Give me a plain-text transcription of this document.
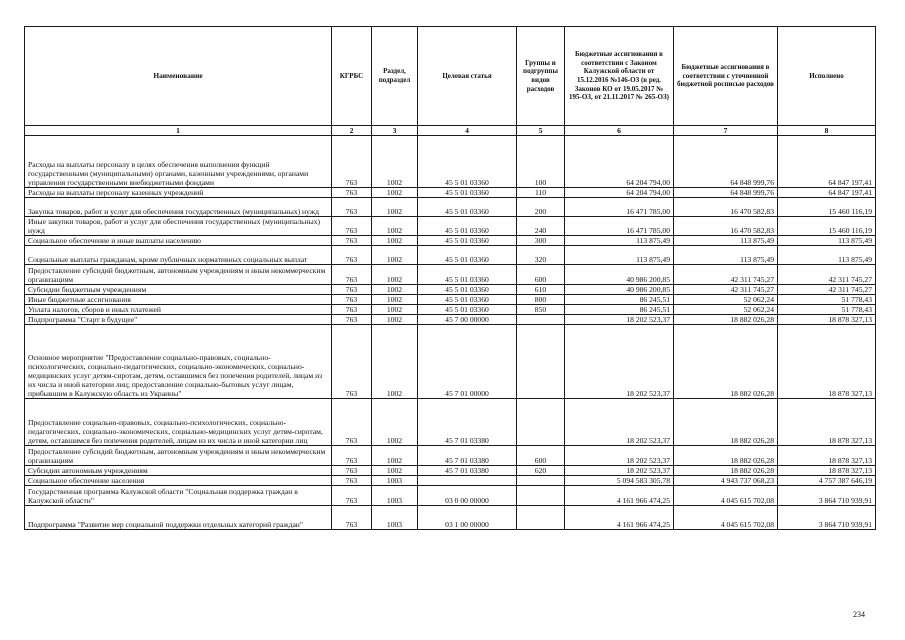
Наименование	КГРБС	Раздел, подраздел	Целевая статья	Группы и подгруппы видов расходов	Бюджетные ассигнования в соответствии с Законом Калужской области от 15.12.2016 №146-ОЗ (в ред. Законов КО от 19.05.2017 № 195-ОЗ, от 21.11.2017 № 265-ОЗ)	Бюджетные ассигнования в соответствии с уточненной бюджетной росписью расходов	Исполнено
1	2	3	4	5	6	7	8
Расходы на выплаты персоналу в целях обеспечения выполнения функций государственными (муниципальными) органами, казенными учреждениями, органами управления государственными внебюджетными фондами	763	1002	45 5 01 03360	100	64 204 794,00	64 848 999,76	64 847 197,41
Расходы на выплаты персоналу казенных учреждений	763	1002	45 5 01 03360	110	64 204 794,00	64 848 999,76	64 847 197,41
Закупка товаров, работ и услуг для обеспечения государственных (муниципальных) нужд	763	1002	45 5 01 03360	200	16 471 785,00	16 470 582,83	15 460 116,19
Иные закупки товаров, работ и услуг для обеспечения государственных (муниципальных) нужд	763	1002	45 5 01 03360	240	16 471 785,00	16 470 582,83	15 460 116,19
Социальное обеспечение и иные выплаты населению	763	1002	45 5 01 03360	300	113 875,49	113 875,49	113 875,49
Социальные выплаты гражданам, кроме публичных нормативных социальных выплат	763	1002	45 5 01 03360	320	113 875,49	113 875,49	113 875,49
Предоставление субсидий бюджетным, автономным учреждениям и иным некоммерческим организациям	763	1002	45 5 01 03360	600	40 986 200,85	42 311 745,27	42 311 745,27
Субсидии бюджетным учреждениям	763	1002	45 5 01 03360	610	40 986 200,85	42 311 745,27	42 311 745,27
Иные бюджетные ассигнования	763	1002	45 5 01 03360	800	86 245,51	52 062,24	51 778,43
Уплата налогов, сборов и иных платежей	763	1002	45 5 01 03360	850	86 245,51	52 062,24	51 778,43
Подпрограмма "Старт в будущее"	763	1002	45 7 00 00000		18 202 523,37	18 882 026,28	18 878 327,13
Основное мероприятие "Предоставление социально-правовых, социально-психологических, социально-педагогических, социально-экономических, социально-медицинских услуг детям-сиротам, детям, оставшимся без попечения родителей, лицам из их числа и иной категории лиц; предоставление социально-бытовых услуг лицам, прибывшим в Калужскую область из Украины"	763	1002	45 7 01 00000		18 202 523,37	18 882 026,28	18 878 327,13
Предоставление социально-правовых, социально-психологических, социально-педагогических, социально-экономических, социально-медицинских услуг детям-сиротам, детям, оставшимся без попечения родителей, лицам из их числа и иной категории лиц	763	1002	45 7 01 03380		18 202 523,37	18 882 026,28	18 878 327,13
Предоставление субсидий бюджетным, автономным учреждениям и иным некоммерческим организациям	763	1002	45 7 01 03380	600	18 202 523,37	18 882 026,28	18 878 327,13
Субсидии автономным учреждениям	763	1002	45 7 01 03380	620	18 202 523,37	18 882 026,28	18 878 327,13
Социальное обеспечение населения	763	1003			5 094 583 305,78	4 943 737 068,23	4 757 387 646,19
Государственная программа Калужской области "Социальная поддержка граждан в Калужской области"	763	1003	03 0 00 00000		4 161 966 474,25	4 045 615 702,08	3 864 710 939,91
Подпрограмма "Развитие мер социальной поддержки отдельных категорий граждан"	763	1003	03 1 00 00000		4 161 966 474,25	4 045 615 702,08	3 864 710 939,91
234
